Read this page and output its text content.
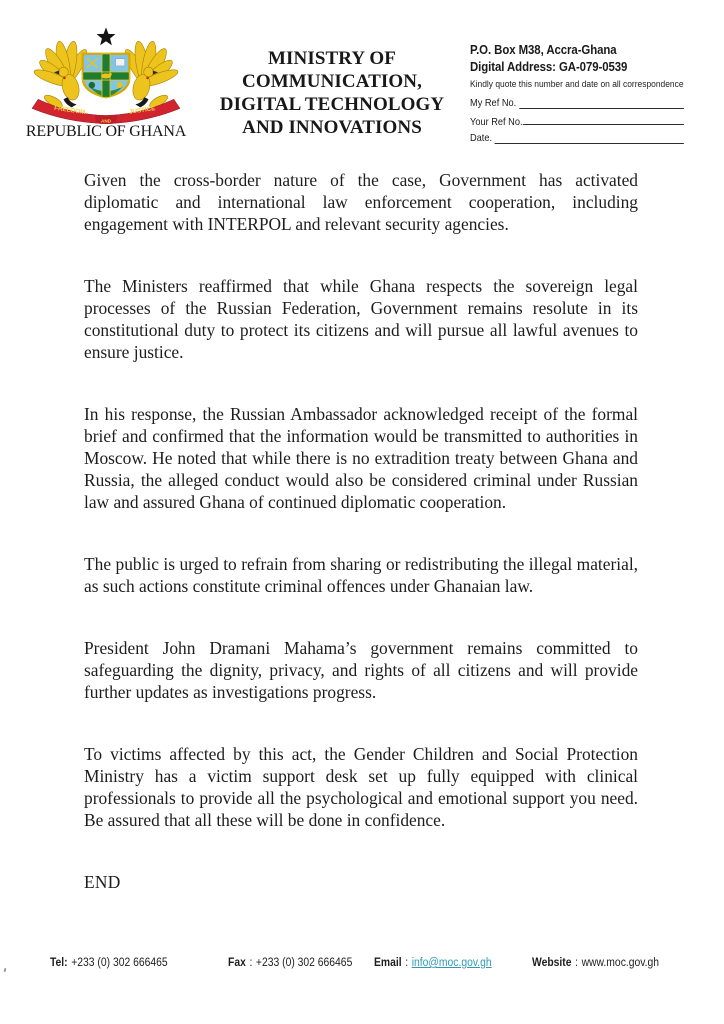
FREEDOM	JUSTICE
AND
REPUBLIC OF GHANA
MINISTRY OF
COMMUNICATION,
DIGITAL TECHNOLOGY
AND INNOVATIONS
P.O. Box M38, Accra-Ghana
Digital Address: GA-079-0539
Kindly quote this number and date on all correspondence
My Ref No.
Your Ref No.
Date.

Given the cross-border nature of the case, Government has activated diplomatic and international law enforcement cooperation, including engagement with INTERPOL and relevant security agencies.

The Ministers reaffirmed that while Ghana respects the sovereign legal processes of the Russian Federation, Government remains resolute in its constitutional duty to protect its citizens and will pursue all lawful avenues to ensure justice.

In his response, the Russian Ambassador acknowledged receipt of the formal brief and confirmed that the information would be transmitted to authorities in Moscow. He noted that while there is no extradition treaty between Ghana and Russia, the alleged conduct would also be considered criminal under Russian law and assured Ghana of continued diplomatic cooperation.

The public is urged to refrain from sharing or redistributing the illegal material, as such actions constitute criminal offences under Ghanaian law.

President John Dramani Mahama’s government remains committed to safeguarding the dignity, privacy, and rights of all citizens and will provide further updates as investigations progress.

To victims affected by this act, the Gender Children and Social Protection Ministry has a victim support desk set up fully equipped with clinical professionals to provide all the psychological and emotional support you need. Be assured that all these will be done in confidence.

END
Tel: +233 (0) 302 666465	Fax : +233 (0) 302 666465 Email : info@moc.gov.gh	Website : www.moc.gov.gh
